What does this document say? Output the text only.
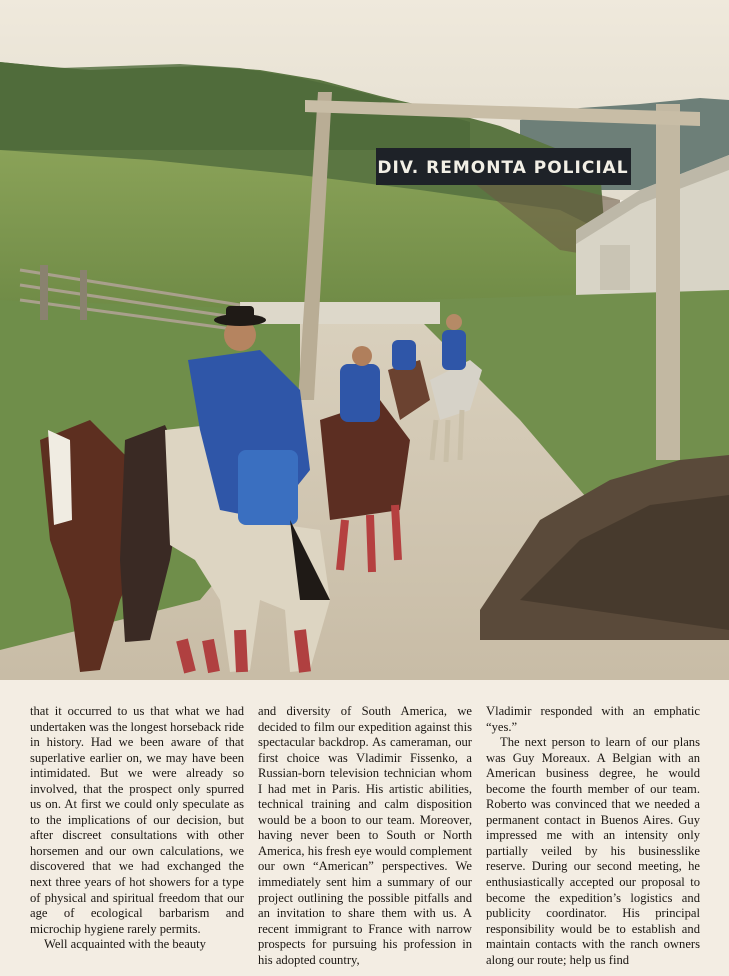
DIV. REMONTA POLICIAL

that it occurred to us that what we had undertaken was the longest horseback ride in history. Had we been aware of that superlative earlier on, we may have been intimidated. But we were already so involved, that the prospect only spurred us on. At first we could only speculate as to the implications of our decision, but after discreet consultations with other horsemen and our own calculations, we discovered that we had exchanged the next three years of hot showers for a type of physical and spiritual freedom that our age of ecological barbarism and microchip hygiene rarely permits.

Well acquainted with the beauty

and diversity of South America, we decided to film our expedition against this spectacular backdrop. As cameraman, our first choice was Vladimir Fissenko, a Russian-born television technician whom I had met in Paris. His artistic abilities, technical training and calm disposition would be a boon to our team. Moreover, having never been to South or North America, his fresh eye would complement our own “American” perspectives. We immediately sent him a summary of our project outlining the possible pitfalls and an invitation to share them with us. A recent immigrant to France with narrow prospects for pursuing his profession in his adopted country,

Vladimir responded with an emphatic “yes.”

The next person to learn of our plans was Guy Moreaux. A Belgian with an American business degree, he would become the fourth member of our team. Roberto was convinced that we needed a permanent contact in Buenos Aires. Guy impressed me with an intensity only partially veiled by his businesslike reserve. During our second meeting, he enthusiastically accepted our proposal to become the expedition’s logistics and publicity coordinator. His principal responsibility would be to establish and maintain contacts with the ranch owners along our route; help us find
